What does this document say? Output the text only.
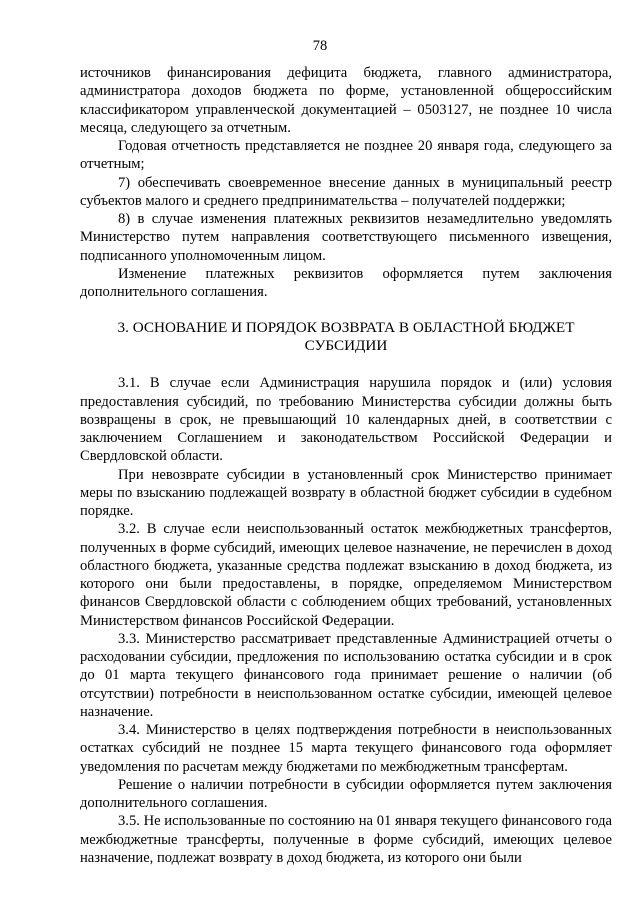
78

источников финансирования дефицита бюджета, главного администратора, администратора доходов бюджета по форме, установленной общероссийским классификатором управленческой документацией – 0503127, не позднее 10 числа месяца, следующего за отчетным.

Годовая отчетность представляется не позднее 20 января года, следующего за отчетным;

7) обеспечивать своевременное внесение данных в муниципальный реестр субъектов малого и среднего предпринимательства – получателей поддержки;

8) в случае изменения платежных реквизитов незамедлительно уведомлять Министерство путем направления соответствующего письменного извещения, подписанного уполномоченным лицом.

Изменение платежных реквизитов оформляется путем заключения дополнительного соглашения.

3. ОСНОВАНИЕ И ПОРЯДОК ВОЗВРАТА В ОБЛАСТНОЙ БЮДЖЕТ СУБСИДИИ

3.1. В случае если Администрация нарушила порядок и (или) условия предоставления субсидий, по требованию Министерства субсидии должны быть возвращены в срок, не превышающий 10 календарных дней, в соответствии с заключением Соглашением и законодательством Российской Федерации и Свердловской области.

При невозврате субсидии в установленный срок Министерство принимает меры по взысканию подлежащей возврату в областной бюджет субсидии в судебном порядке.

3.2. В случае если неиспользованный остаток межбюджетных трансфертов, полученных в форме субсидий, имеющих целевое назначение, не перечислен в доход областного бюджета, указанные средства подлежат взысканию в доход бюджета, из которого они были предоставлены, в порядке, определяемом Министерством финансов Свердловской области с соблюдением общих требований, установленных Министерством финансов Российской Федерации.

3.3. Министерство рассматривает представленные Администрацией отчеты о расходовании субсидии, предложения по использованию остатка субсидии и в срок до 01 марта текущего финансового года принимает решение о наличии (об отсутствии) потребности в неиспользованном остатке субсидии, имеющей целевое назначение.

3.4. Министерство в целях подтверждения потребности в неиспользованных остатках субсидий не позднее 15 марта текущего финансового года оформляет уведомления по расчетам между бюджетами по межбюджетным трансфертам.

Решение о наличии потребности в субсидии оформляется путем заключения дополнительного соглашения.

3.5. Не использованные по состоянию на 01 января текущего финансового года межбюджетные трансферты, полученные в форме субсидий, имеющих целевое назначение, подлежат возврату в доход бюджета, из которого они были
